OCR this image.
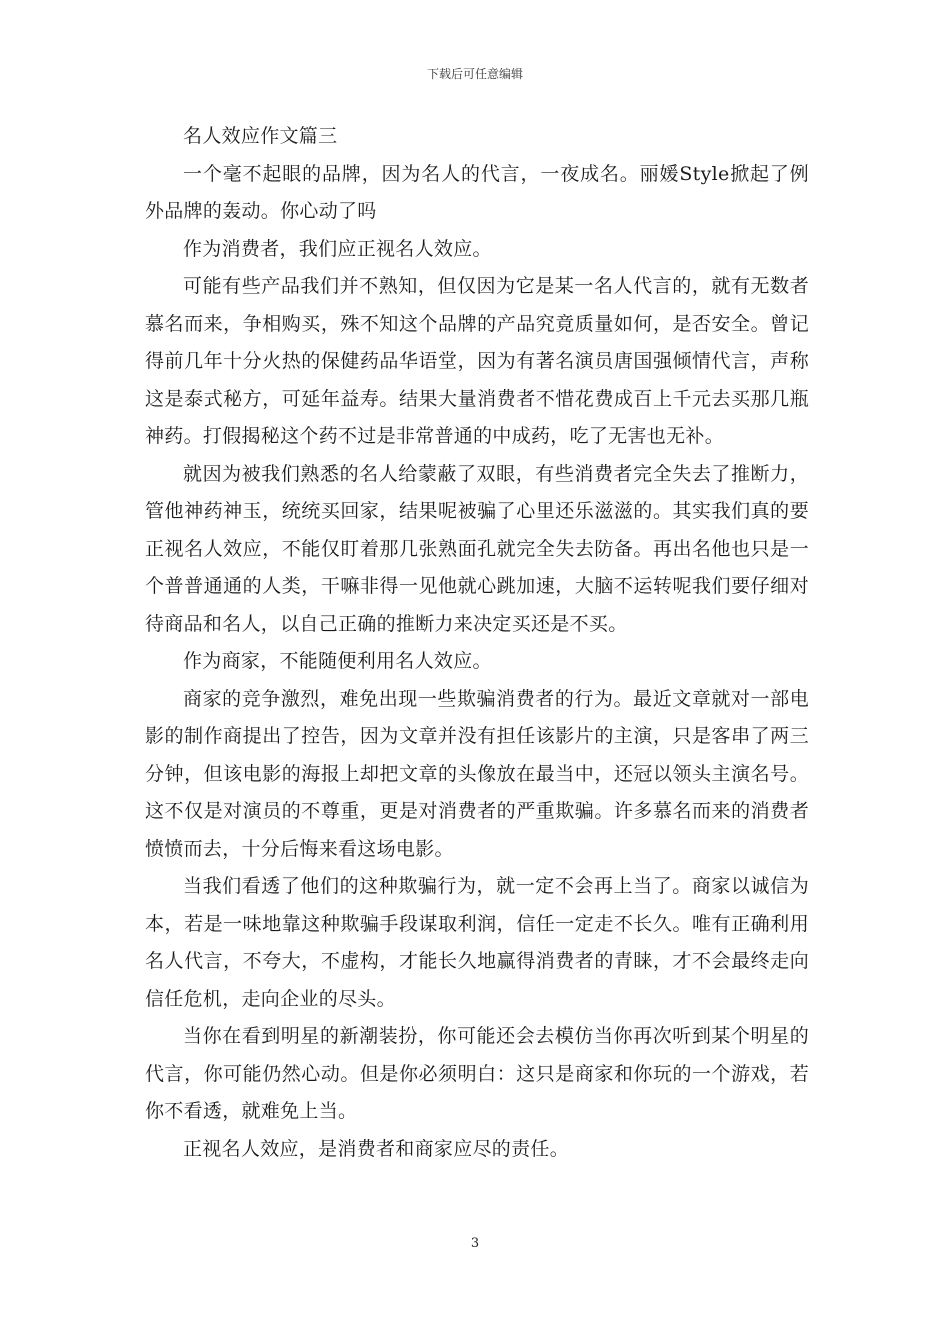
下载后可任意编辑

名人效应作文篇三

一个毫不起眼的品牌，因为名人的代言，一夜成名。丽媛Style掀起了例外品牌的轰动。你心动了吗

作为消费者，我们应正视名人效应。

可能有些产品我们并不熟知，但仅因为它是某一名人代言的，就有无数者慕名而来，争相购买，殊不知这个品牌的产品究竟质量如何，是否安全。曾记得前几年十分火热的保健药品华语堂，因为有著名演员唐国强倾情代言，声称这是泰式秘方，可延年益寿。结果大量消费者不惜花费成百上千元去买那几瓶神药。打假揭秘这个药不过是非常普通的中成药，吃了无害也无补。

就因为被我们熟悉的名人给蒙蔽了双眼，有些消费者完全失去了推断力，管他神药神玉，统统买回家，结果呢被骗了心里还乐滋滋的。其实我们真的要正视名人效应，不能仅盯着那几张熟面孔就完全失去防备。再出名他也只是一个普普通通的人类，干嘛非得一见他就心跳加速，大脑不运转呢我们要仔细对待商品和名人，以自己正确的推断力来决定买还是不买。

作为商家，不能随便利用名人效应。

商家的竞争激烈，难免出现一些欺骗消费者的行为。最近文章就对一部电影的制作商提出了控告，因为文章并没有担任该影片的主演，只是客串了两三分钟，但该电影的海报上却把文章的头像放在最当中，还冠以领头主演名号。这不仅是对演员的不尊重，更是对消费者的严重欺骗。许多慕名而来的消费者愤愤而去，十分后悔来看这场电影。

当我们看透了他们的这种欺骗行为，就一定不会再上当了。商家以诚信为本，若是一味地靠这种欺骗手段谋取利润，信任一定走不长久。唯有正确利用名人代言，不夸大，不虚构，才能长久地赢得消费者的青睐，才不会最终走向信任危机，走向企业的尽头。

当你在看到明星的新潮装扮，你可能还会去模仿当你再次听到某个明星的代言，你可能仍然心动。但是你必须明白：这只是商家和你玩的一个游戏，若你不看透，就难免上当。

正视名人效应，是消费者和商家应尽的责任。

3
